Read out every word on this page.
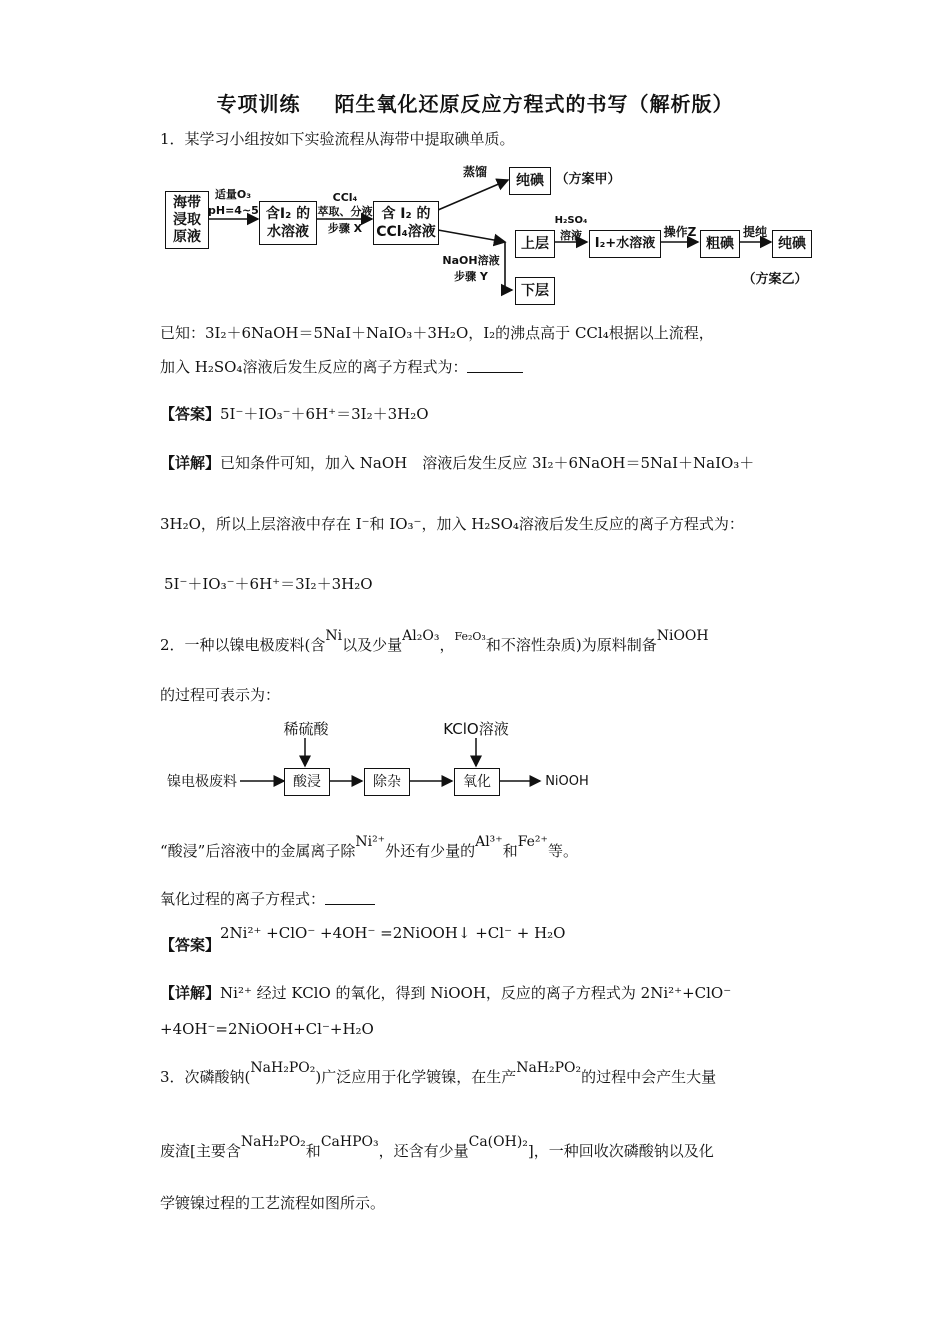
专项训练 陌生氧化还原反应方程式的书写（解析版）
1．某学习小组按如下实验流程从海带中提取碘单质。
海带
浸取
原液
适量O₃
pH=4~5 含I₂ 的
水溶液
CCl₄
萃取、分液
步骤 X
含 I₂ 的
CCl₄溶液
蒸馏
纯碘 （方案甲）
NaOH溶液
步骤 Y
上层
下层
H₂SO₄
溶液
I₂+水溶液
操作Z
粗碘
提纯
纯碘
（方案乙）
已知：3I₂＋6NaOH＝5NaI＋NaIO₃＋3H₂O，I₂的沸点高于 CCl₄根据以上流程，
加入 H₂SO₄溶液后发生反应的离子方程式为：
【答案】5I⁻＋IO₃⁻＋6H⁺＝3I₂＋3H₂O
【详解】已知条件可知，加入 NaOH　溶液后发生反应 3I₂＋6NaOH＝5NaI＋NaIO₃＋
3H₂O，所以上层溶液中存在 I⁻和 IO₃⁻，加入 H₂SO₄溶液后发生反应的离子方程式为：
5I⁻＋IO₃⁻＋6H⁺＝3I₂＋3H₂O
2．一种以镍电极废料(含Ni以及少量Al₂O₃，$^{Fe_2O_3}$和不溶性杂质)为原料制备NiOOH
的过程可表示为：
稀硫酸	KClO溶液
镍电极废料	酸浸	除杂	氧化	NiOOH
“酸浸”后溶液中的金属离子除Ni²⁺外还有少量的Al³⁺和Fe²⁺等。
氧化过程的离子方程式：
【答案】2Ni²⁺ +ClO⁻ +4OH⁻ =2NiOOH↓ +Cl⁻ + H₂O
【详解】Ni²⁺ 经过 KClO 的氧化，得到 NiOOH，反应的离子方程式为 2Ni²⁺+ClO⁻
+4OH⁻=2NiOOH+Cl⁻+H₂O
3．次磷酸钠(NaH₂PO₂)广泛应用于化学镀镍，在生产NaH₂PO₂的过程中会产生大量
废渣[主要含NaH₂PO₂和CaHPO₃，还含有少量Ca(OH)₂]，一种回收次磷酸钠以及化
学镀镍过程的工艺流程如图所示。
